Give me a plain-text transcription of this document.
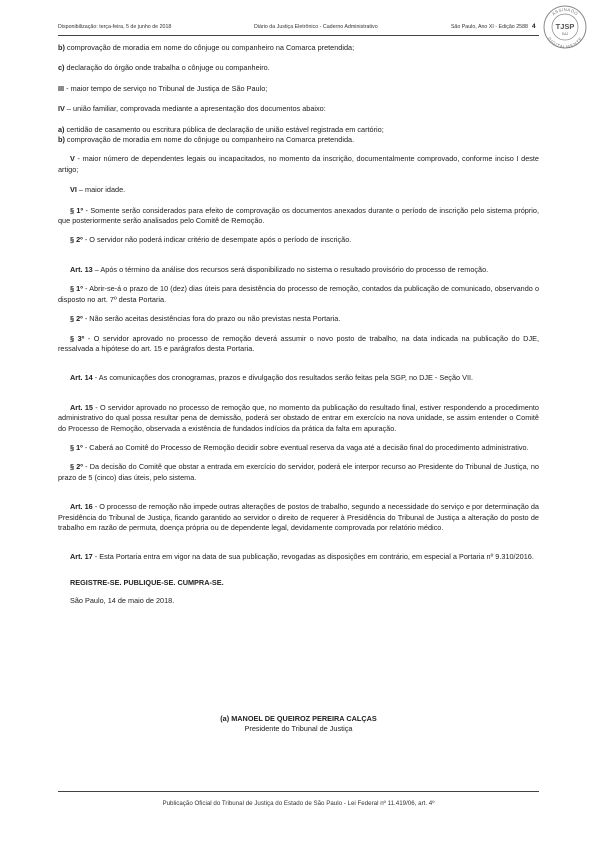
Disponibilização: terça-feira, 5 de junho de 2018	Diário da Justiça Eletrônico - Caderno Administrativo	São Paulo, Ano XI - Edição 2588 4
ASSINADO
DIGITALMENTE
TJSP
SAJ

b) comprovação de moradia em nome do cônjuge ou companheiro na Comarca pretendida;

c) declaração do órgão onde trabalha o cônjuge ou companheiro.

III - maior tempo de serviço no Tribunal de Justiça de São Paulo;

IV – união familiar, comprovada mediante a apresentação dos documentos abaixo:

a) certidão de casamento ou escritura pública de declaração de união estável registrada em cartório;

b) comprovação de moradia em nome do cônjuge ou companheiro na Comarca pretendida.

V - maior número de dependentes legais ou incapacitados, no momento da inscrição, documentalmente comprovado, conforme inciso I deste artigo;

VI – maior idade.

§ 1º - Somente serão considerados para efeito de comprovação os documentos anexados durante o período de inscrição pelo sistema próprio, que posteriormente serão analisados pelo Comitê de Remoção.

§ 2º - O servidor não poderá indicar critério de desempate após o período de inscrição.

Art. 13 – Após o término da análise dos recursos será disponibilizado no sistema o resultado provisório do processo de remoção.

§ 1º - Abrir-se-á o prazo de 10 (dez) dias úteis para desistência do processo de remoção, contados da publicação de comunicado, observando o disposto no art. 7º desta Portaria.

§ 2º - Não serão aceitas desistências fora do prazo ou não previstas nesta Portaria.

§ 3º - O servidor aprovado no processo de remoção deverá assumir o novo posto de trabalho, na data indicada na publicação do DJE, ressalvada a hipótese do art. 15 e parágrafos desta Portaria.

Art. 14 - As comunicações dos cronogramas, prazos e divulgação dos resultados serão feitas pela SGP, no DJE - Seção VII.

Art. 15 - O servidor aprovado no processo de remoção que, no momento da publicação do resultado final, estiver respondendo a procedimento administrativo do qual possa resultar pena de demissão, poderá ser obstado de entrar em exercício na nova unidade, se assim entender o Comitê do Processo de Remoção, observada a existência de fundados indícios da prática da falta em apuração.

§ 1º - Caberá ao Comitê do Processo de Remoção decidir sobre eventual reserva da vaga até a decisão final do procedimento administrativo.

§ 2º - Da decisão do Comitê que obstar a entrada em exercício do servidor, poderá ele interpor recurso ao Presidente do Tribunal de Justiça, no prazo de 5 (cinco) dias úteis, pelo sistema.

Art. 16 - O processo de remoção não impede outras alterações de postos de trabalho, segundo a necessidade do serviço e por determinação da Presidência do Tribunal de Justiça, ficando garantido ao servidor o direito de requerer à Presidência do Tribunal de Justiça a alteração do posto de trabalho em razão de permuta, doença própria ou de dependente legal, devidamente comprovada por relatório médico.

Art. 17 - Esta Portaria entra em vigor na data de sua publicação, revogadas as disposições em contrário, em especial a Portaria nº 9.310/2016.

REGISTRE-SE. PUBLIQUE-SE. CUMPRA-SE.

São Paulo, 14 de maio de 2018.

(a) MANOEL DE QUEIROZ PEREIRA CALÇAS
Presidente do Tribunal de Justiça
Publicação Oficial do Tribunal de Justiça do Estado de São Paulo - Lei Federal nº 11.419/06, art. 4º
